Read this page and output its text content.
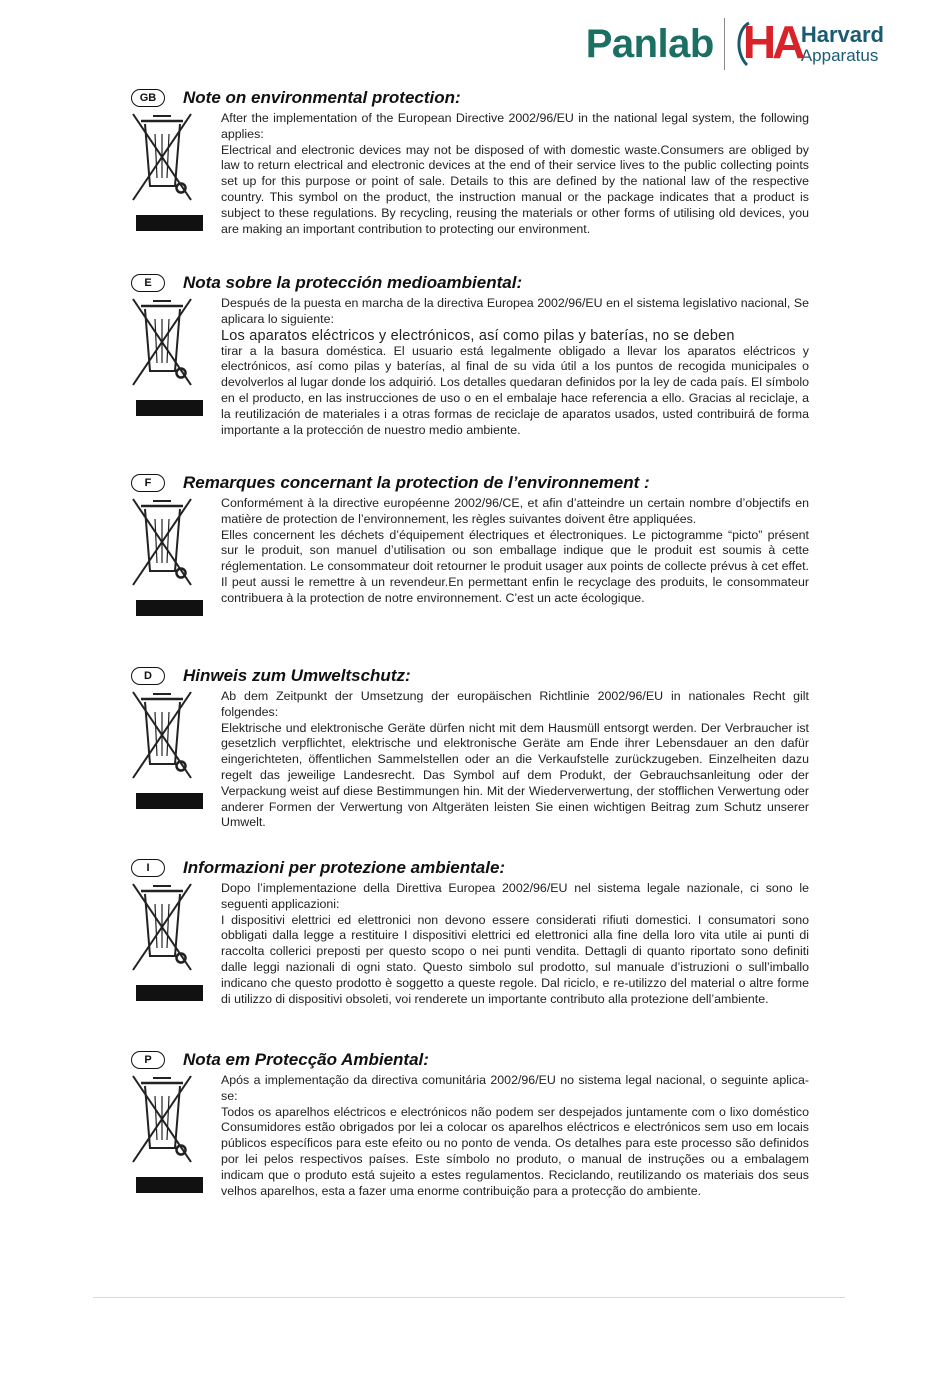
Panlab HA Harvard
Apparatus
GB	Note on environmental protection:

After the implementation of the European Directive 2002/96/EU in the national legal system, the following applies:

Electrical and electronic devices may not be disposed of with domestic waste.Consumers are obliged by law to return electrical and electronic devices at the end of their service lives to the public collecting points set up for this purpose or point of sale. Details to this are defined by the national law of the respective country. This symbol on the product, the instruction manual or the package indicates that a product is subject to these regulations. By recycling, reusing the materials or other forms of utilising old devices, you are making an important contribution to protecting our environment.

E	Nota sobre la protección medioambiental:

Después de la puesta en marcha de la directiva Europea 2002/96/EU en el sistema legislativo nacional, Se aplicara lo siguiente:

Los aparatos eléctricos y electrónicos, así como pilas y baterías, no se deben

tirar a la basura doméstica. El usuario está legalmente obligado a llevar los aparatos eléctricos y electrónicos, así como pilas y baterías, al final de su vida útil a los puntos de recogida municipales o devolverlos al lugar donde los adquirió. Los detalles quedaran definidos por la ley de cada país. El símbolo en el producto, en las instrucciones de uso o en el embalaje hace referencia a ello. Gracias al reciclaje, a la reutilización de materiales i a otras formas de reciclaje de aparatos usados, usted contribuirá de forma importante a la protección de nuestro medio ambiente.

F	Remarques concernant la protection de l’environnement :

Conformément à la directive européenne 2002/96/CE, et afin d’atteindre un certain nombre d’objectifs en matière de protection de l’environnement, les règles suivantes doivent être appliquées.

Elles concernent les déchets d’équipement électriques et électroniques. Le pictogramme “picto” présent sur le produit, son manuel d’utilisation ou son emballage indique que le produit est soumis à cette réglementation. Le consommateur doit retourner le produit usager aux points de collecte prévus à cet effet. Il peut aussi le remettre à un revendeur.En permettant enfin le recyclage des produits, le consommateur contribuera à la protection de notre environnement. C’est un acte écologique.

D	Hinweis zum Umweltschutz:

Ab dem Zeitpunkt der Umsetzung der europäischen Richtlinie 2002/96/EU in nationales Recht gilt folgendes:

Elektrische und elektronische Geräte dürfen nicht mit dem Hausmüll entsorgt werden. Der Verbraucher ist gesetzlich verpflichtet, elektrische und elektronische Geräte am Ende ihrer Lebensdauer an den dafür eingerichteten, öffentlichen Sammelstellen oder an die Verkaufstelle zurückzugeben. Einzelheiten dazu regelt das jeweilige Landesrecht. Das Symbol auf dem Produkt, der Gebrauchsanleitung oder der Verpackung weist auf diese Bestimmungen hin. Mit der Wiederverwertung, der stofflichen Verwertung oder anderer Formen der Verwertung von Altgeräten leisten Sie einen wichtigen Beitrag zum Schutz unserer Umwelt.

I	Informazioni per protezione ambientale:

Dopo l’implementazione della Direttiva Europea 2002/96/EU nel sistema legale nazionale, ci sono le seguenti applicazioni:

I dispositivi elettrici ed elettronici non devono essere considerati rifiuti domestici. I consumatori sono obbligati dalla legge a restituire I dispositivi elettrici ed elettronici alla fine della loro vita utile ai punti di raccolta collerici preposti per questo scopo o nei punti vendita. Dettagli di quanto riportato sono definiti dalle leggi nazionali di ogni stato. Questo simbolo sul prodotto, sul manuale d’istruzioni o sull’imballo indicano che questo prodotto è soggetto a queste regole. Dal riciclo, e re-utilizzo del material o altre forme di utilizzo di dispositivi obsoleti, voi renderete un importante contributo alla protezione dell’ambiente.

P	Nota em Protecção Ambiental:

Após a implementação da directiva comunitária 2002/96/EU no sistema legal nacional, o seguinte aplica-se:

Todos os aparelhos eléctricos e electrónicos não podem ser despejados juntamente com o lixo doméstico Consumidores estão obrigados por lei a colocar os aparelhos eléctricos e electrónicos sem uso em locais públicos específicos para este efeito ou no ponto de venda. Os detalhes para este processo são definidos por lei pelos respectivos países. Este símbolo no produto, o manual de instruções ou a embalagem indicam que o produto está sujeito a estes regulamentos. Reciclando, reutilizando os materiais dos seus velhos aparelhos, esta a fazer uma enorme contribuição para a protecção do ambiente.
